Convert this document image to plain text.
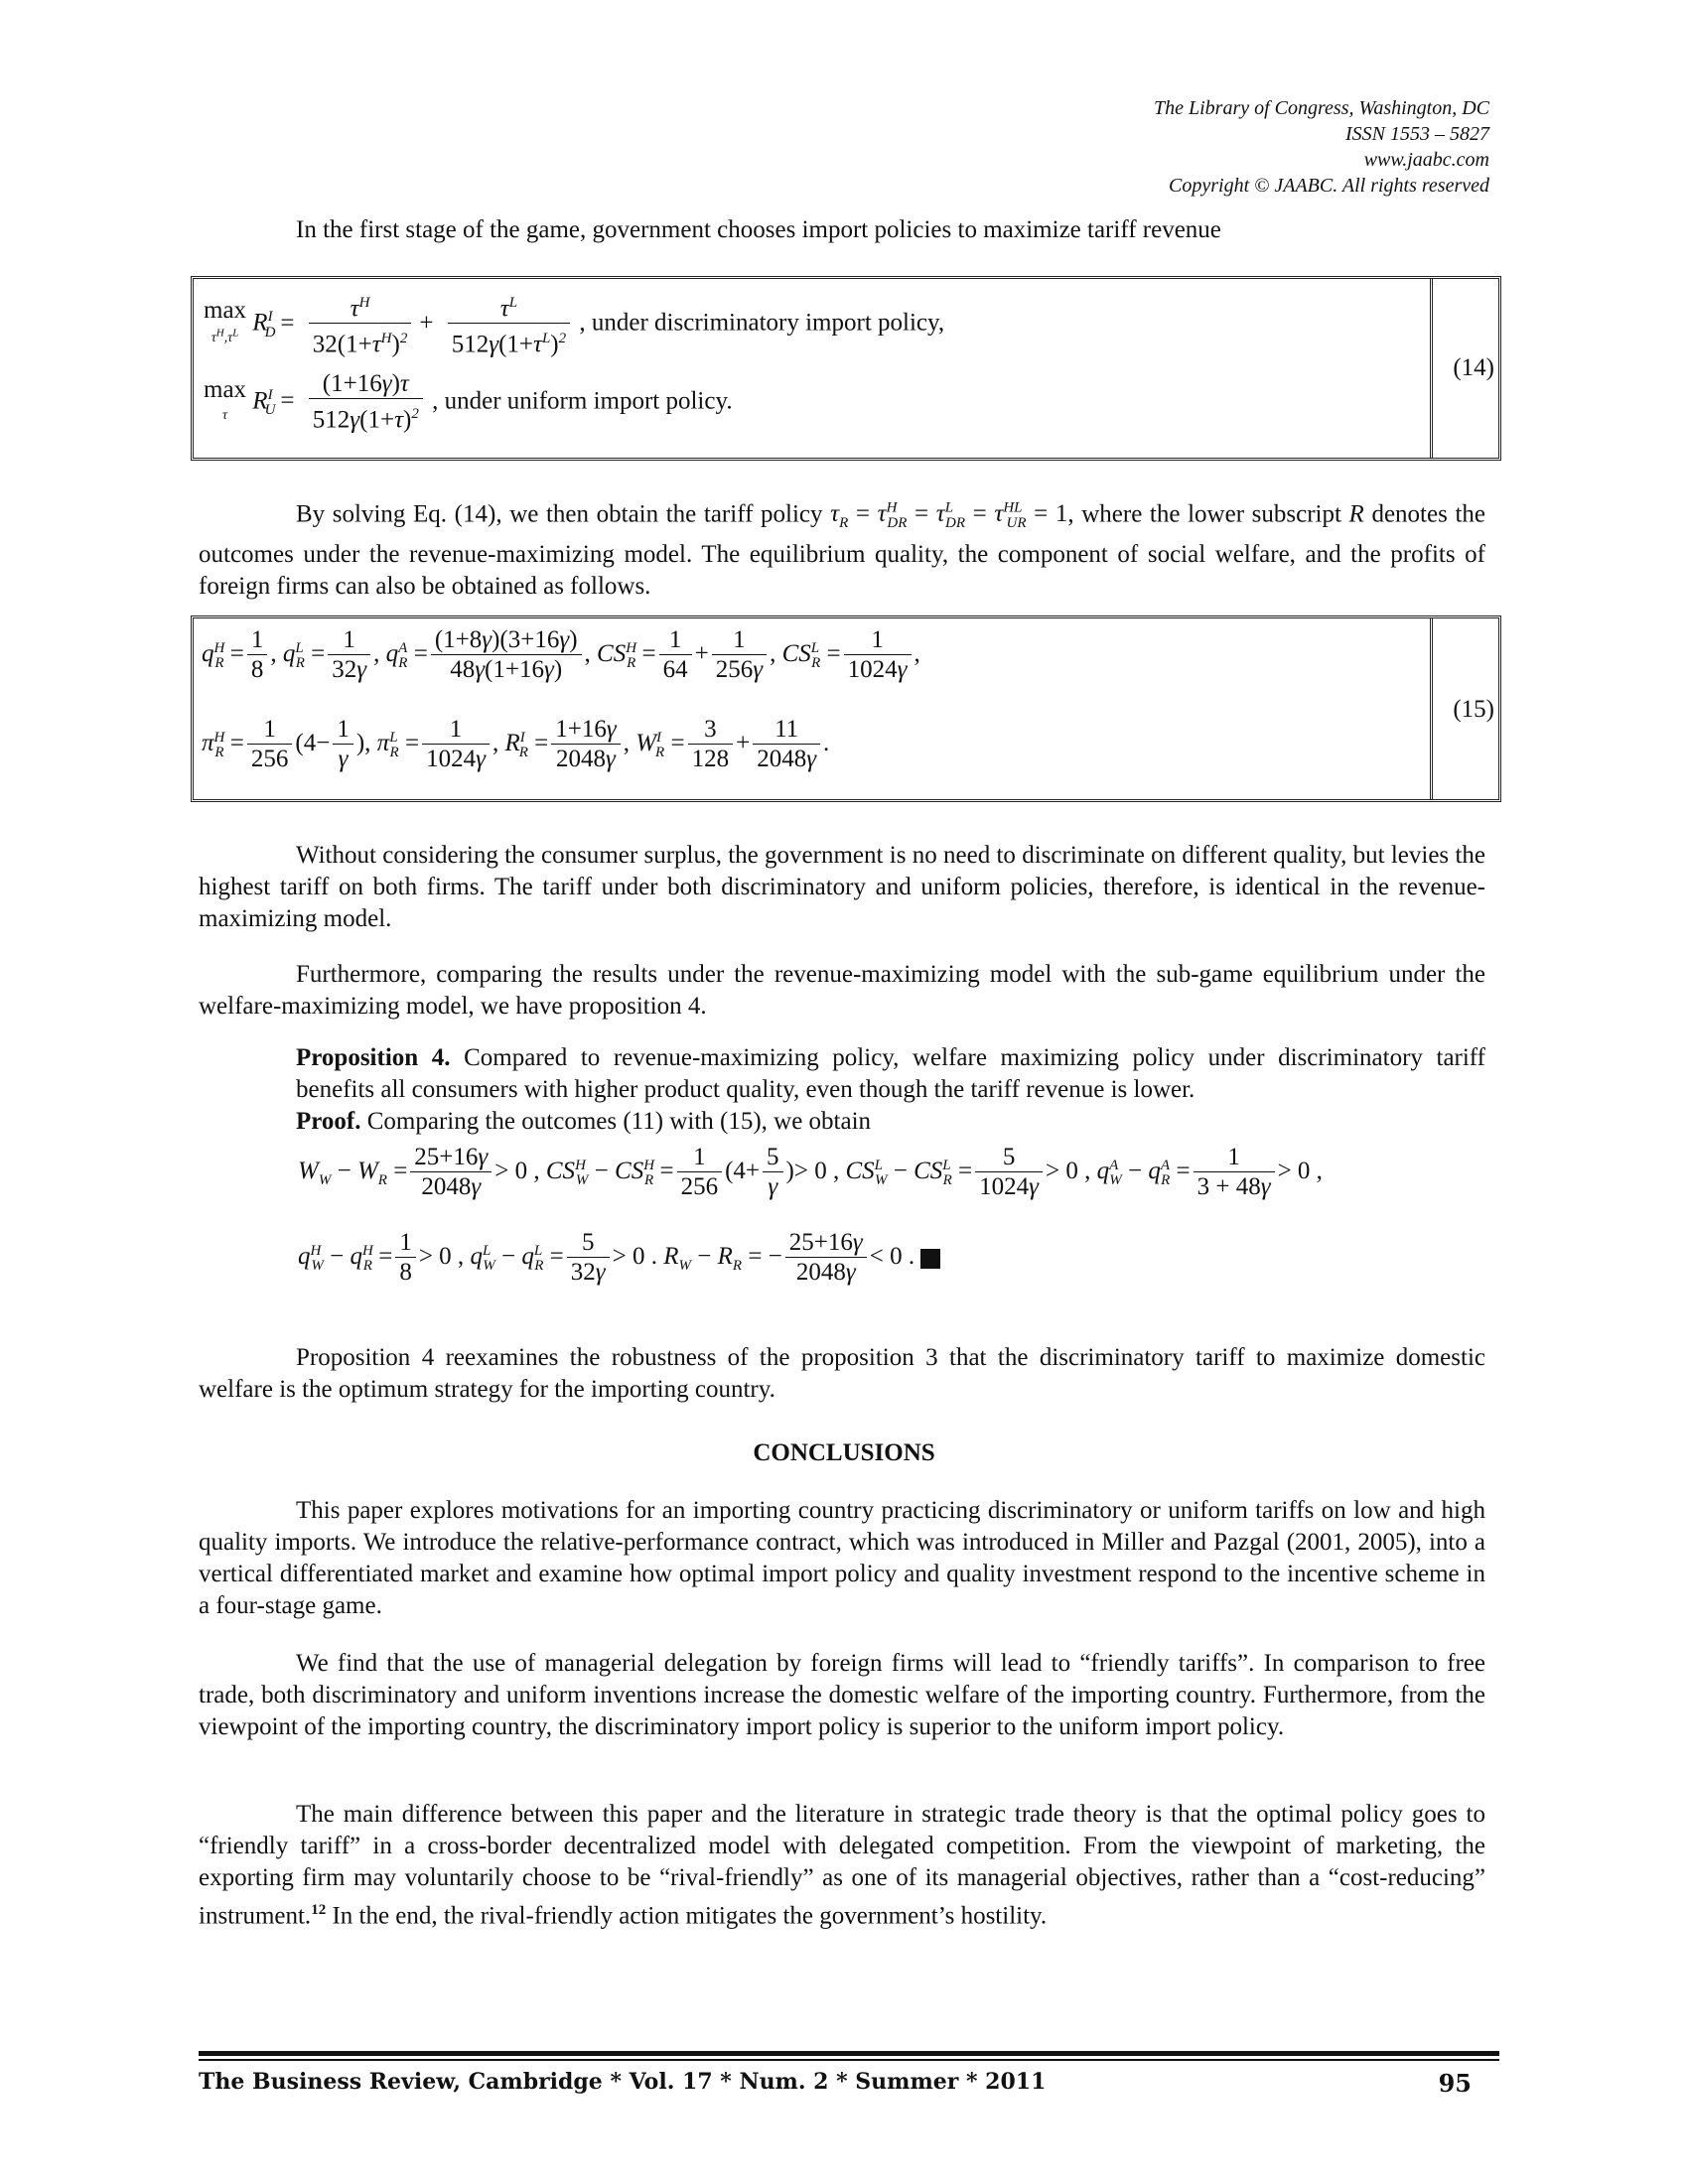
The Library of Congress, Washington, DC
ISSN 1553 – 5827
www.jaabc.com
Copyright © JAABC. All rights reserved
In the first stage of the game, government chooses import policies to maximize tariff revenue
max
$\tau^H,\tau^L$ $R^I_D = \frac{\tau^H}{32(1+\tau^H)^2} + \frac{\tau^L}{512\gamma(1+\tau^L)^2}$ , under discriminatory import policy,
max
τ $R^I_U = \frac{(1+16\gamma)\tau}{512\gamma(1+\tau)^2}$ , under uniform import policy.
(14)
By solving Eq. (14), we then obtain the tariff policy $\tau_R = \tau^H_{DR} = \tau^L_{DR} = \tau^{HL}_{UR} = 1$, where the lower subscript R denotes the outcomes under the revenue-maximizing model. The equilibrium quality, the component of social welfare, and the profits of foreign firms can also be obtained as follows.
$q^H_R = \frac{1}{8}$ , $q^L_R = \frac{1}{32\gamma}$ , $q^A_R = \frac{(1+8\gamma)(3+16\gamma)}{48\gamma(1+16\gamma)}$ , $CS^H_R = \frac{1}{64} + \frac{1}{256\gamma}$ , $CS^L_R = \frac{1}{1024\gamma}$ ,
$\pi^H_R = \frac{1}{256} (4- \frac{1}{\gamma}$ ), $\pi^L_R = \frac{1}{1024\gamma}$ , $R^I_R = \frac{1+16\gamma}{2048\gamma}$ , $W^I_R = \frac{3}{128} + \frac{11}{2048\gamma}$ .
(15)
Without considering the consumer surplus, the government is no need to discriminate on different quality, but levies the highest tariff on both firms. The tariff under both discriminatory and uniform policies, therefore, is identical in the revenue-maximizing model.
Furthermore, comparing the results under the revenue-maximizing model with the sub-game equilibrium under the welfare-maximizing model, we have proposition 4.
Proposition 4. Compared to revenue-maximizing policy, welfare maximizing policy under discriminatory tariff benefits all consumers with higher product quality, even though the tariff revenue is lower.
Proof. Comparing the outcomes (11) with (15), we obtain
$W_W - W_R = \frac{25+16\gamma}{2048\gamma} > 0$ , $CS^H_W - CS^H_R = \frac{1}{256} (4+ \frac{5}{\gamma}$ )> 0 , $CS^L_W - CS^L_R = \frac{5}{1024\gamma} > 0$ , $q^A_W - q^A_R = \frac{1}{3 + 48\gamma} > 0$ ,
$q^H_W - q^H_R = \frac{1}{8} > 0$ , $q^L_W - q^L_R = \frac{5}{32\gamma} > 0$ . $R_W - R_R$ = − $\frac{25+16\gamma}{2048\gamma} < 0$ .
Proposition 4 reexamines the robustness of the proposition 3 that the discriminatory tariff to maximize domestic welfare is the optimum strategy for the importing country.
CONCLUSIONS
This paper explores motivations for an importing country practicing discriminatory or uniform tariffs on low and high quality imports. We introduce the relative-performance contract, which was introduced in Miller and Pazgal (2001, 2005), into a vertical differentiated market and examine how optimal import policy and quality investment respond to the incentive scheme in a four-stage game.
We find that the use of managerial delegation by foreign firms will lead to “friendly tariffs”. In comparison to free trade, both discriminatory and uniform inventions increase the domestic welfare of the importing country. Furthermore, from the viewpoint of the importing country, the discriminatory import policy is superior to the uniform import policy.
The main difference between this paper and the literature in strategic trade theory is that the optimal policy goes to “friendly tariff” in a cross-border decentralized model with delegated competition. From the viewpoint of marketing, the exporting firm may voluntarily choose to be “rival-friendly” as one of its managerial objectives, rather than a “cost-reducing” instrument.$^{12}$ In the end, the rival-friendly action mitigates the government’s hostility.
The Business Review, Cambridge * Vol. 17 * Num. 2 * Summer * 2011	95
